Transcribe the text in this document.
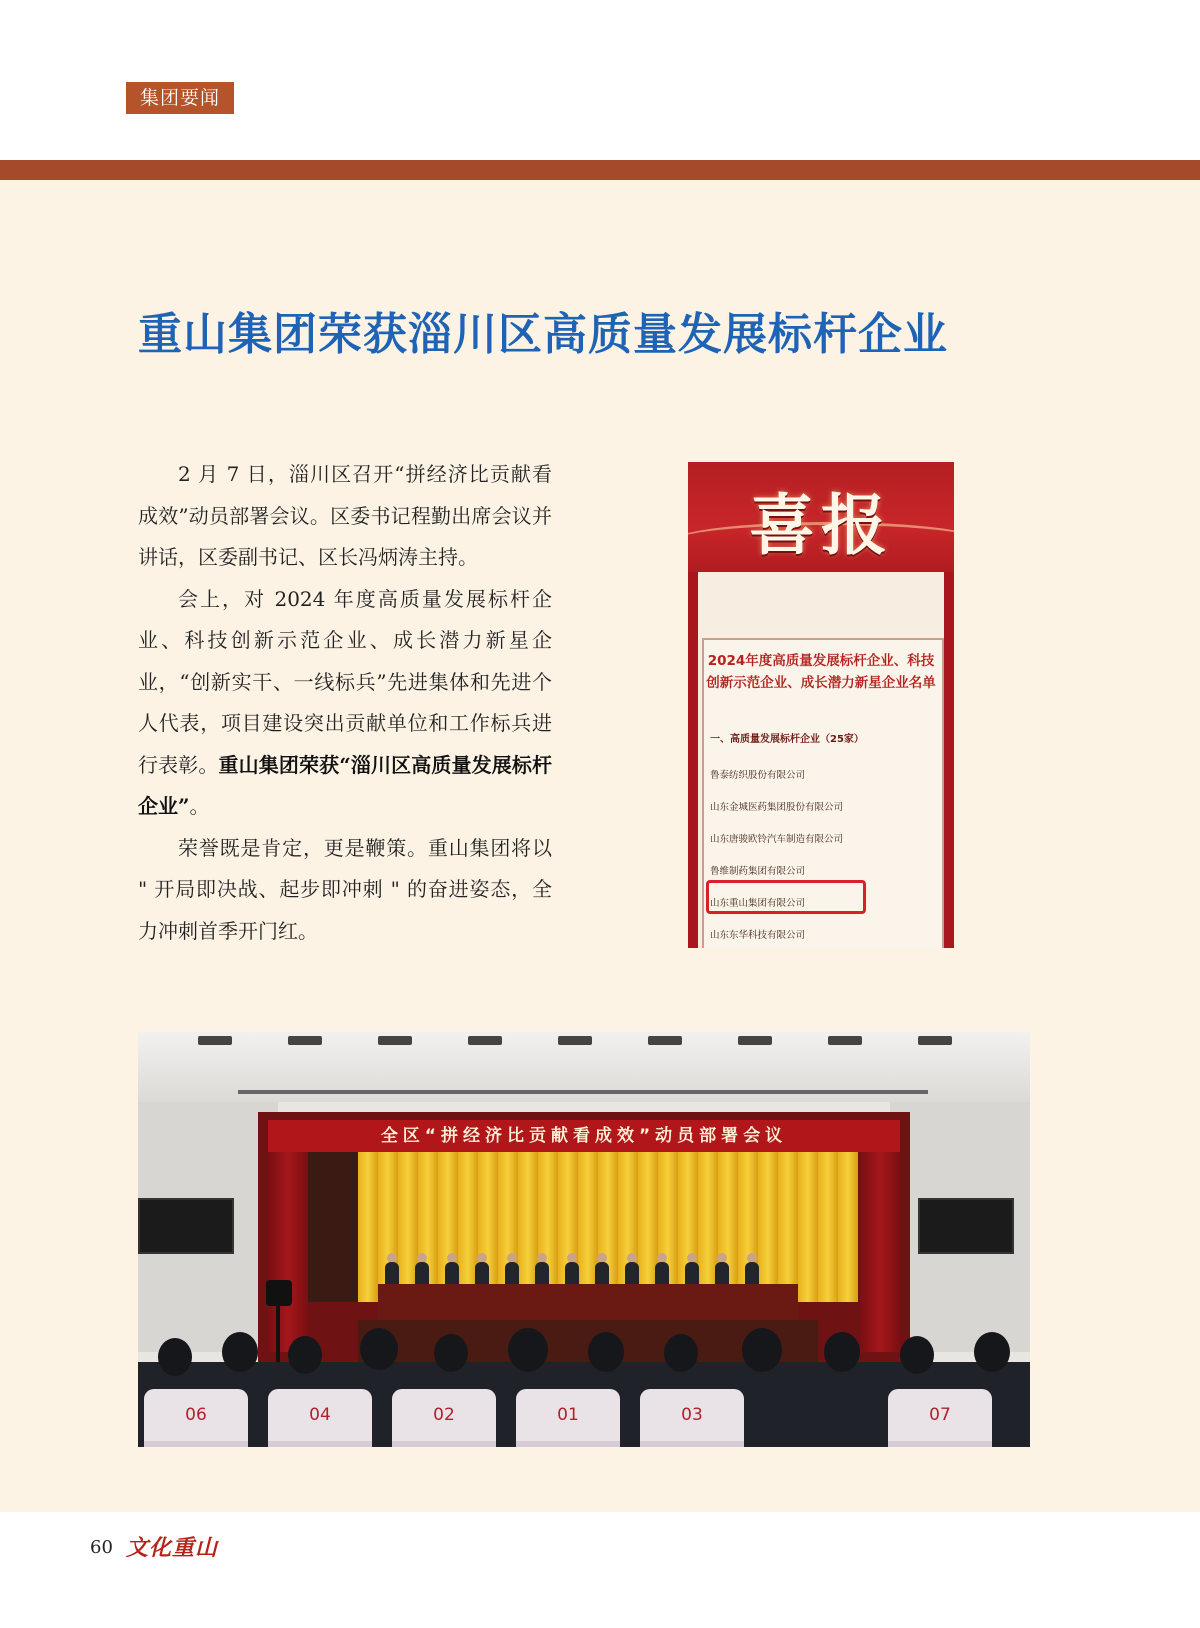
集团要闻
重山集团荣获淄川区高质量发展标杆企业

2 月 7 日，淄川区召开“拼经济比贡献看成效”动员部署会议。区委书记程勤出席会议并讲话，区委副书记、区长冯炳涛主持。

会上，对 2024 年度高质量发展标杆企业、科技创新示范企业、成长潜力新星企业，“创新实干、一线标兵”先进集体和先进个人代表，项目建设突出贡献单位和工作标兵进行表彰。重山集团荣获“淄川区高质量发展标杆企业”。

荣誉既是肯定，更是鞭策。重山集团将以 " 开局即决战、起步即冲刺 " 的奋进姿态，全力冲刺首季开门红。

喜报
2024年度高质量发展标杆企业、科技创新示范企业、成长潜力新星企业名单
一、高质量发展标杆企业（25家）
鲁泰纺织股份有限公司
山东金城医药集团股份有限公司
山东唐骏欧铃汽车制造有限公司
鲁维制药集团有限公司
山东重山集团有限公司
山东东华科技有限公司
全区“拼经济比贡献看成效”动员部署会议
06	04	02	01	03	07
60 文化重山
